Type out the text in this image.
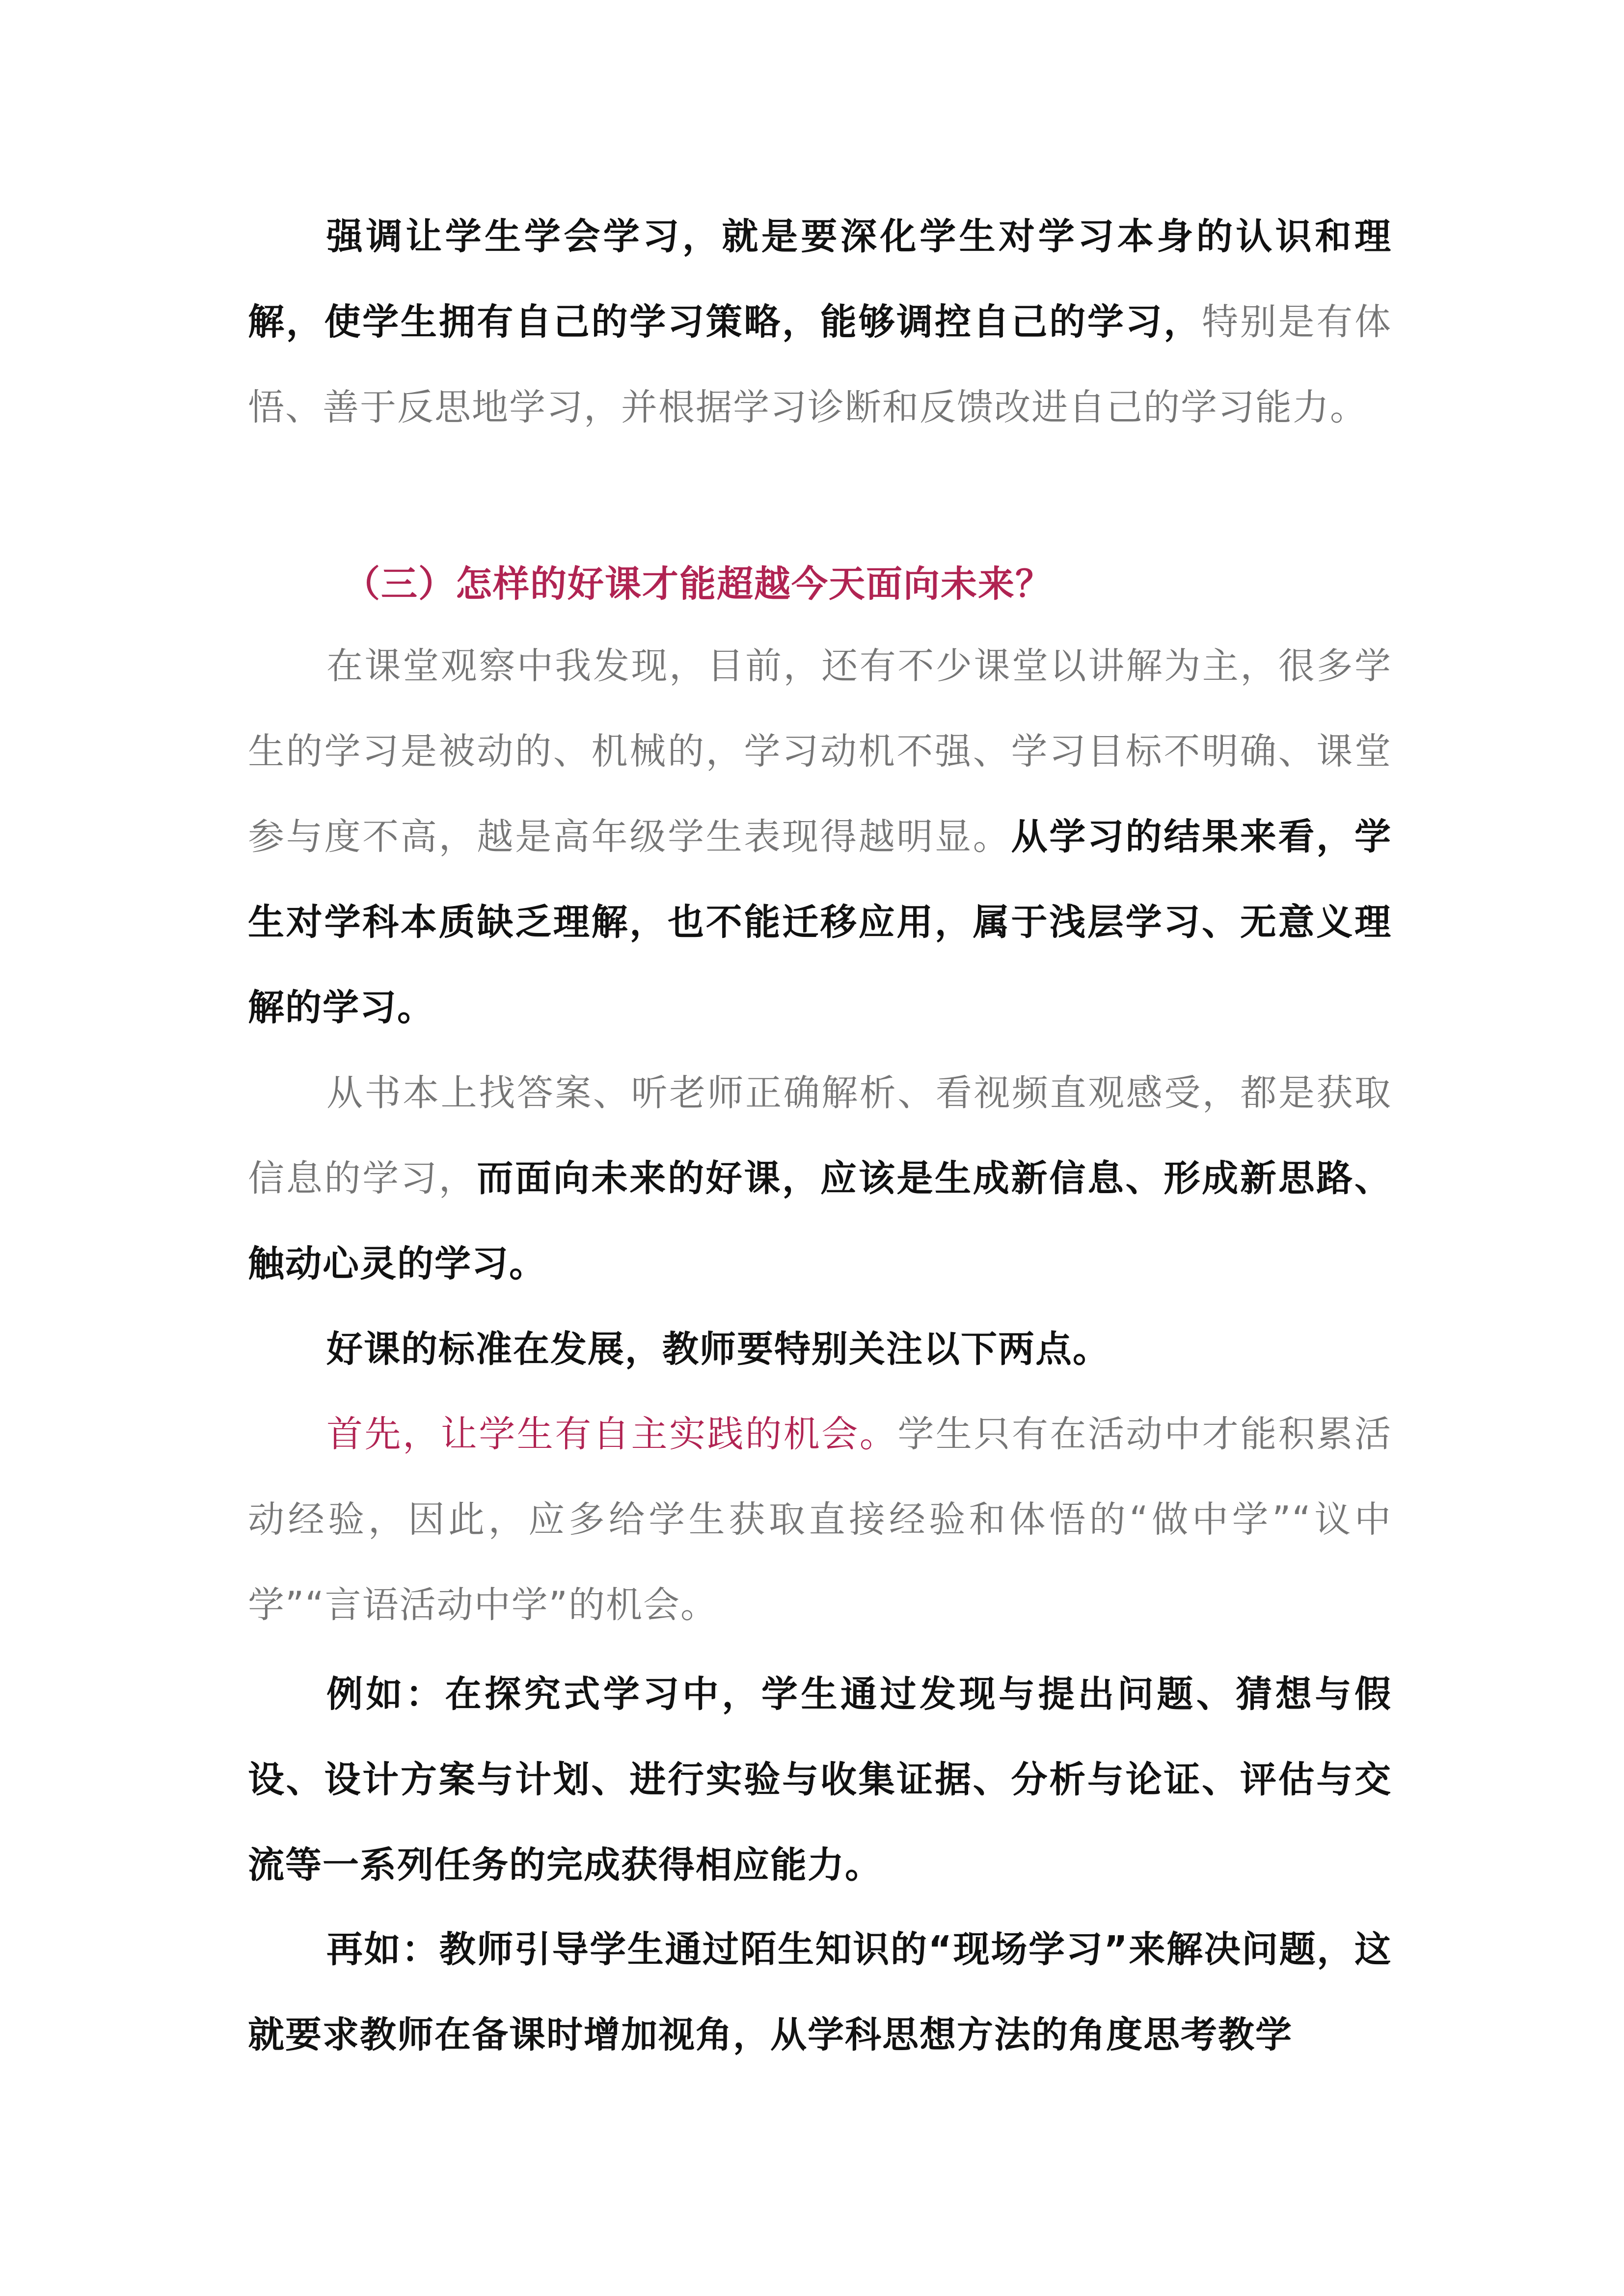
强调让学生学会学习，就是要深化学生对学习本身的认识和理解，使学生拥有自己的学习策略，能够调控自己的学习，特别是有体悟、善于反思地学习，并根据学习诊断和反馈改进自己的学习能力。

（三）怎样的好课才能超越今天面向未来？

在课堂观察中我发现，目前，还有不少课堂以讲解为主，很多学生的学习是被动的、机械的，学习动机不强、学习目标不明确、课堂参与度不高，越是高年级学生表现得越明显。从学习的结果来看，学生对学科本质缺乏理解，也不能迁移应用，属于浅层学习、无意义理解的学习。

从书本上找答案、听老师正确解析、看视频直观感受，都是获取信息的学习，而面向未来的好课，应该是生成新信息、形成新思路、触动心灵的学习。

好课的标准在发展，教师要特别关注以下两点。

首先，让学生有自主实践的机会。学生只有在活动中才能积累活动经验，因此，应多给学生获取直接经验和体悟的“做中学”“议中学”“言语活动中学”的机会。

例如：在探究式学习中，学生通过发现与提出问题、猜想与假设、设计方案与计划、进行实验与收集证据、分析与论证、评估与交流等一系列任务的完成获得相应能力。

再如：教师引导学生通过陌生知识的“现场学习”来解决问题，这就要求教师在备课时增加视角，从学科思想方法的角度思考教学
